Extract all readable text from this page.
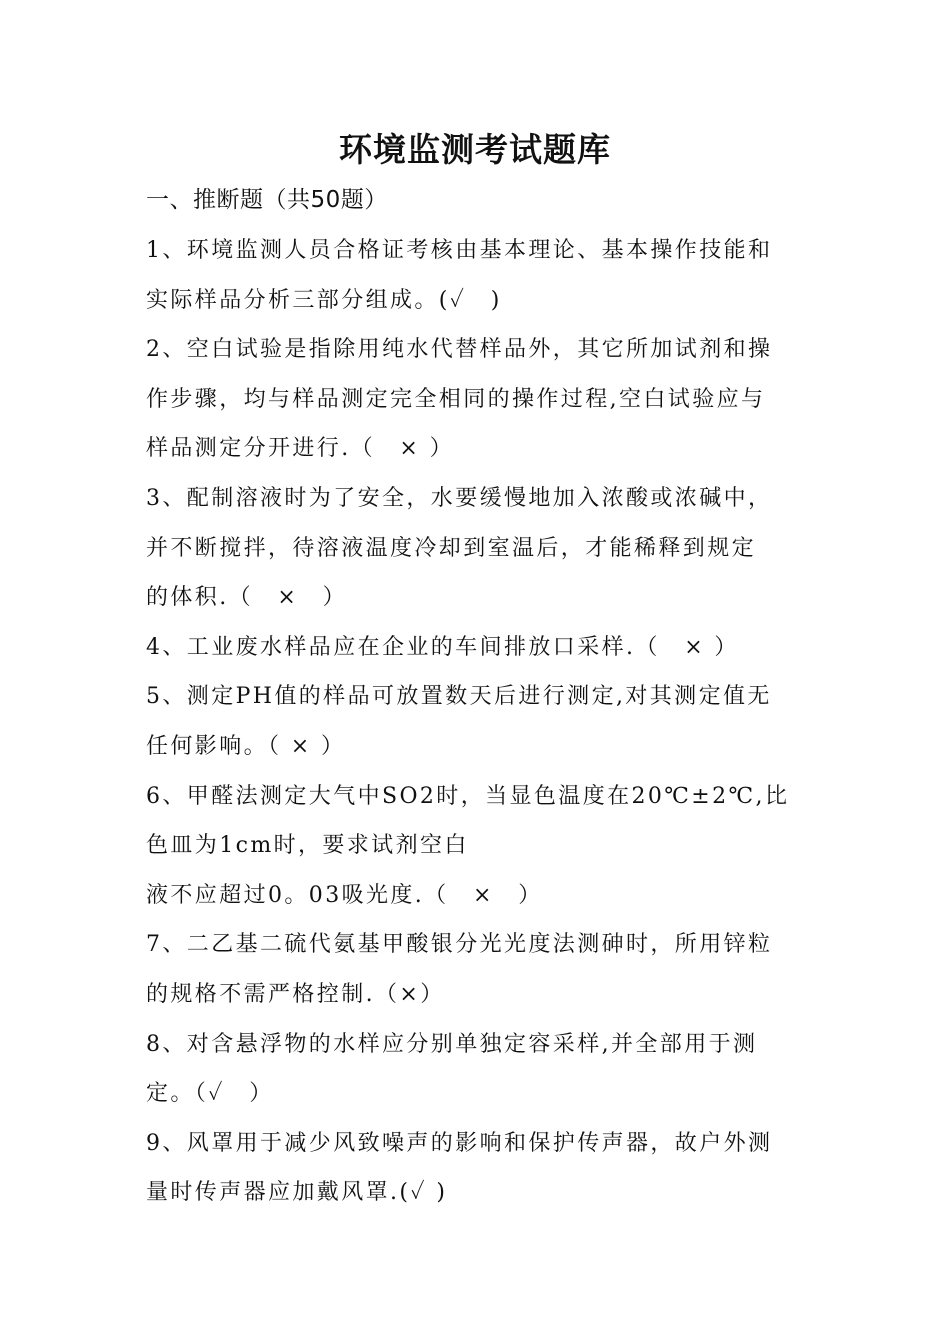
环境监测考试题库
一、推断题（共50题）
1、环境监测人员合格证考核由基本理论、基本操作技能和
实际样品分析三部分组成。(✓　)
2、空白试验是指除用纯水代替样品外，其它所加试剂和操
作步骤，均与样品测定完全相同的操作过程,空白试验应与
样品测定分开进行.（　× ）
3、配制溶液时为了安全，水要缓慢地加入浓酸或浓碱中，
并不断搅拌，待溶液温度冷却到室温后，才能稀释到规定
的体积.（　×　）
4、工业废水样品应在企业的车间排放口采样.（　× ）
5、测定PH值的样品可放置数天后进行测定,对其测定值无
任何影响。（ × ）
6、甲醛法测定大气中SO2时，当显色温度在20℃±2℃,比
色皿为1cm时，要求试剂空白
液不应超过0。03吸光度.（　×　）
7、二乙基二硫代氨基甲酸银分光光度法测砷时，所用锌粒
的规格不需严格控制.（×）
8、对含悬浮物的水样应分别单独定容采样,并全部用于测
定。（✓　）
9、风罩用于减少风致噪声的影响和保护传声器，故户外测
量时传声器应加戴风罩.(✓ )
